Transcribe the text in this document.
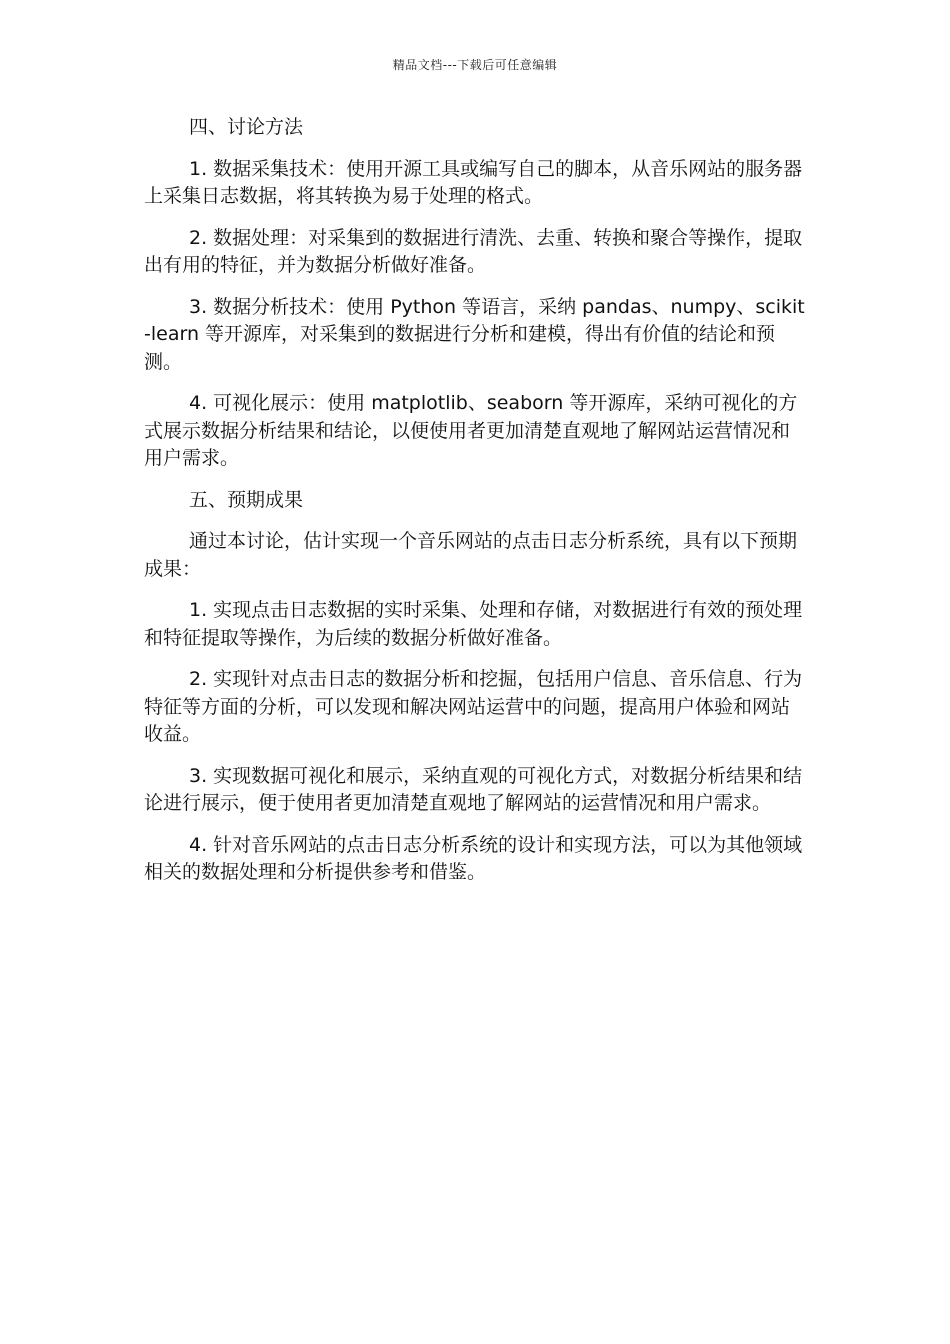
精品文档---下载后可任意编辑

四、讨论方法

1. 数据采集技术：使用开源工具或编写自己的脚本，从音乐网站的服务器上采集日志数据，将其转换为易于处理的格式。

2. 数据处理：对采集到的数据进行清洗、去重、转换和聚合等操作，提取出有用的特征，并为数据分析做好准备。

3. 数据分析技术：使用 Python 等语言，采纳 pandas、numpy、scikit-learn 等开源库，对采集到的数据进行分析和建模，得出有价值的结论和预测。

4. 可视化展示：使用 matplotlib、seaborn 等开源库，采纳可视化的方式展示数据分析结果和结论，以便使用者更加清楚直观地了解网站运营情况和用户需求。

五、预期成果

通过本讨论，估计实现一个音乐网站的点击日志分析系统，具有以下预期成果：

1. 实现点击日志数据的实时采集、处理和存储，对数据进行有效的预处理和特征提取等操作，为后续的数据分析做好准备。

2. 实现针对点击日志的数据分析和挖掘，包括用户信息、音乐信息、行为特征等方面的分析，可以发现和解决网站运营中的问题，提高用户体验和网站收益。

3. 实现数据可视化和展示，采纳直观的可视化方式，对数据分析结果和结论进行展示，便于使用者更加清楚直观地了解网站的运营情况和用户需求。

4. 针对音乐网站的点击日志分析系统的设计和实现方法，可以为其他领域相关的数据处理和分析提供参考和借鉴。
